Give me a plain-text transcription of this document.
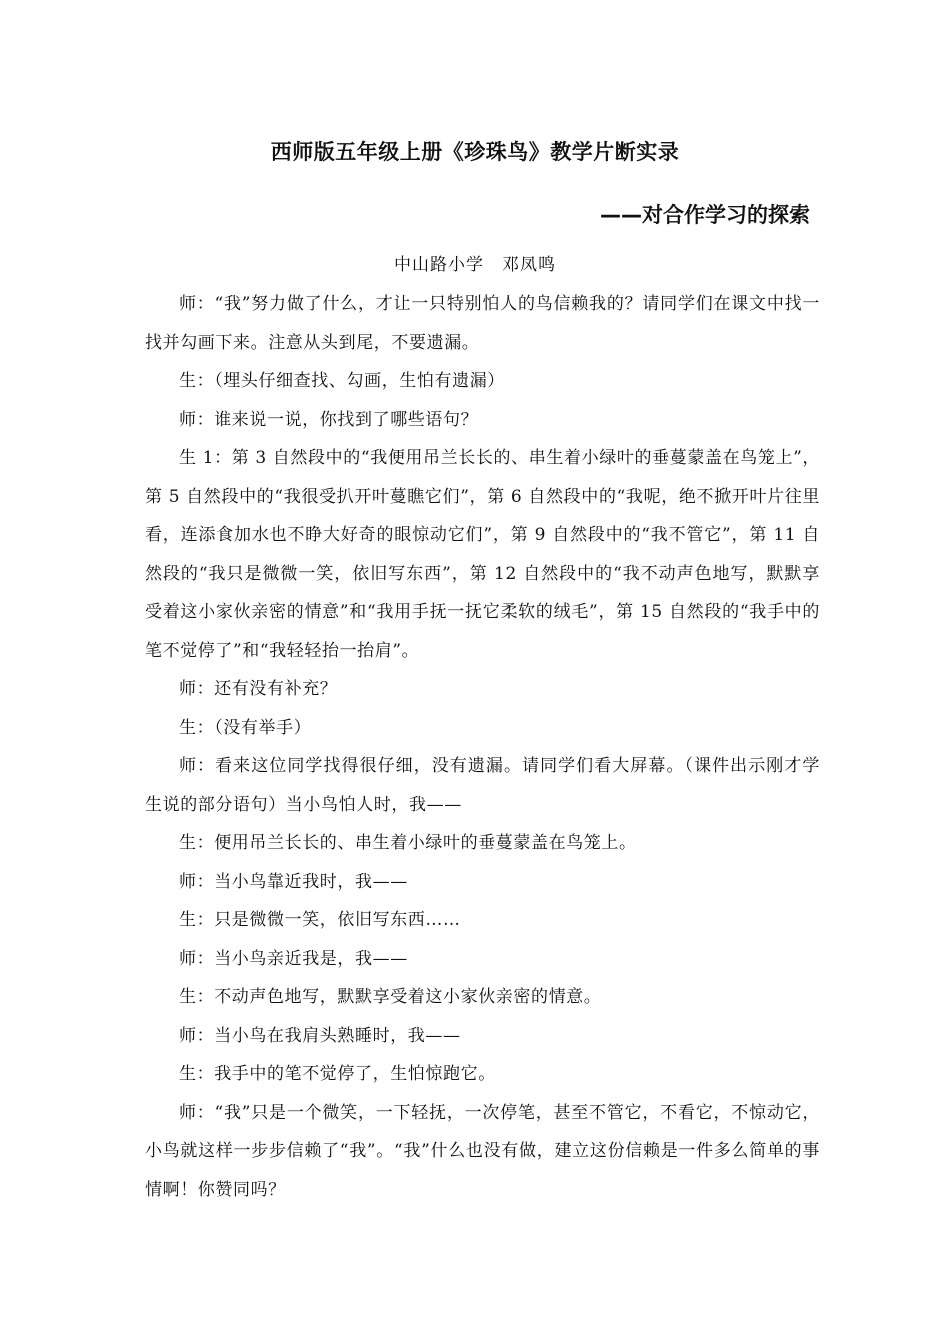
西师版五年级上册《珍珠鸟》教学片断实录
——对合作学习的探索
中山路小学　邓凤鸣

师：“我”努力做了什么，才让一只特别怕人的鸟信赖我的？请同学们在课文中找一找并勾画下来。注意从头到尾，不要遗漏。

生：（埋头仔细查找、勾画，生怕有遗漏）

师：谁来说一说，你找到了哪些语句？

生 1：第 3 自然段中的“我便用吊兰长长的、串生着小绿叶的垂蔓蒙盖在鸟笼上”，第 5 自然段中的“我很受扒开叶蔓瞧它们”，第 6 自然段中的“我呢，绝不掀开叶片往里看，连添食加水也不睁大好奇的眼惊动它们”，第 9 自然段中的“我不管它”，第 11 自然段的“我只是微微一笑，依旧写东西”，第 12 自然段中的“我不动声色地写，默默享受着这小家伙亲密的情意”和“我用手抚一抚它柔软的绒毛”，第 15 自然段的“我手中的笔不觉停了”和“我轻轻抬一抬肩”。

师：还有没有补充？

生：（没有举手）

师：看来这位同学找得很仔细，没有遗漏。请同学们看大屏幕。（课件出示刚才学生说的部分语句）当小鸟怕人时，我——

生：便用吊兰长长的、串生着小绿叶的垂蔓蒙盖在鸟笼上。

师：当小鸟靠近我时，我——

生：只是微微一笑，依旧写东西……

师：当小鸟亲近我是，我——

生：不动声色地写，默默享受着这小家伙亲密的情意。

师：当小鸟在我肩头熟睡时，我——

生：我手中的笔不觉停了，生怕惊跑它。

师：“我”只是一个微笑，一下轻抚，一次停笔，甚至不管它，不看它，不惊动它，小鸟就这样一步步信赖了“我”。“我”什么也没有做，建立这份信赖是一件多么简单的事情啊！你赞同吗？
